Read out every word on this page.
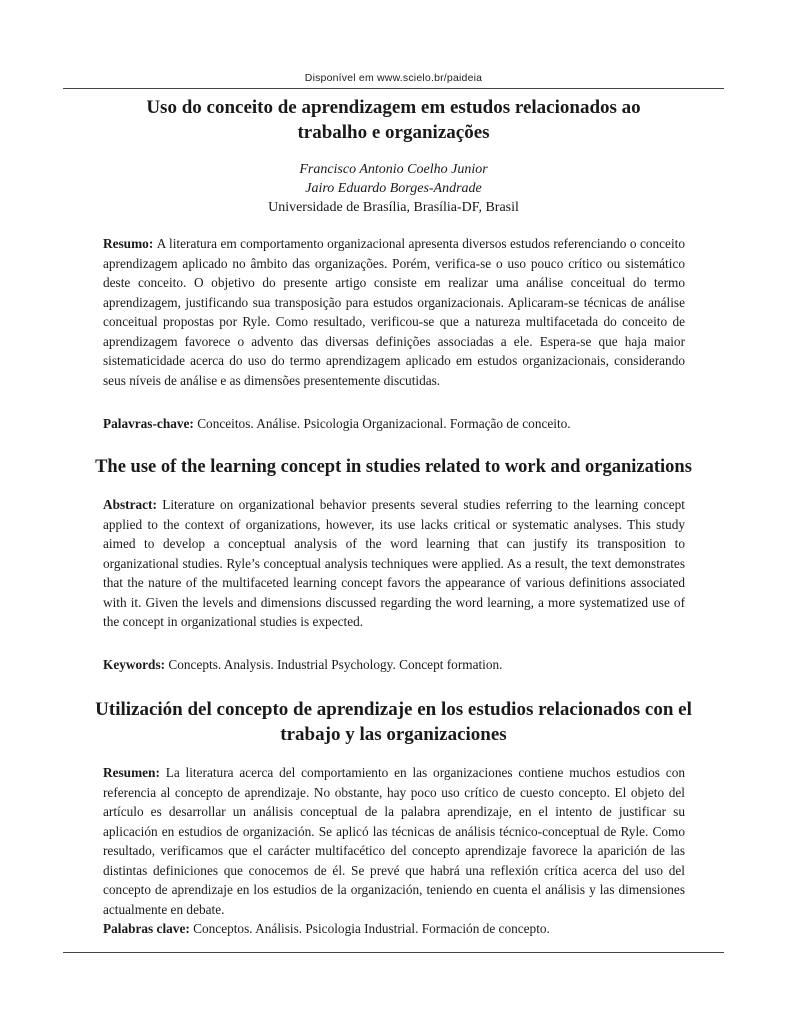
Disponível em www.scielo.br/paideia
Uso do conceito de aprendizagem em estudos relacionados ao trabalho e organizações
Francisco Antonio Coelho Junior
Jairo Eduardo Borges-Andrade
Universidade de Brasília, Brasília-DF, Brasil

Resumo: A literatura em comportamento organizacional apresenta diversos estudos referenciando o conceito aprendizagem aplicado no âmbito das organizações. Porém, verifica-se o uso pouco crítico ou sistemático deste conceito. O objetivo do presente artigo consiste em realizar uma análise conceitual do termo aprendizagem, justificando sua transposição para estudos organizacionais. Aplicaram-se técnicas de análise conceitual propostas por Ryle. Como resultado, verificou-se que a natureza multifacetada do conceito de aprendizagem favorece o advento das diversas definições associadas a ele. Espera-se que haja maior sistematicidade acerca do uso do termo aprendizagem aplicado em estudos organizacionais, considerando seus níveis de análise e as dimensões presentemente discutidas.

Palavras-chave: Conceitos. Análise. Psicologia Organizacional. Formação de conceito.

The use of the learning concept in studies related to work and organizations

Abstract: Literature on organizational behavior presents several studies referring to the learning concept applied to the context of organizations, however, its use lacks critical or systematic analyses. This study aimed to develop a conceptual analysis of the word learning that can justify its transposition to organizational studies. Ryle’s conceptual analysis techniques were applied. As a result, the text demonstrates that the nature of the multifaceted learning concept favors the appearance of various definitions associated with it. Given the levels and dimensions discussed regarding the word learning, a more systematized use of the concept in organizational studies is expected.

Keywords: Concepts. Analysis. Industrial Psychology. Concept formation.

Utilización del concepto de aprendizaje en los estudios relacionados con el trabajo y las organizaciones

Resumen: La literatura acerca del comportamiento en las organizaciones contiene muchos estudios con referencia al concepto de aprendizaje. No obstante, hay poco uso crítico de cuesto concepto. El objeto del artículo es desarrollar un análisis conceptual de la palabra aprendizaje, en el intento de justificar su aplicación en estudios de organización. Se aplicó las técnicas de análisis técnico-conceptual de Ryle. Como resultado, verificamos que el carácter multifacético del concepto aprendizaje favorece la aparición de las distintas definiciones que conocemos de él. Se prevé que habrá una reflexión crítica acerca del uso del concepto de aprendizaje en los estudios de la organización, teniendo en cuenta el análisis y las dimensiones actualmente en debate.

Palabras clave: Conceptos. Análisis. Psicologia Industrial. Formación de concepto.
